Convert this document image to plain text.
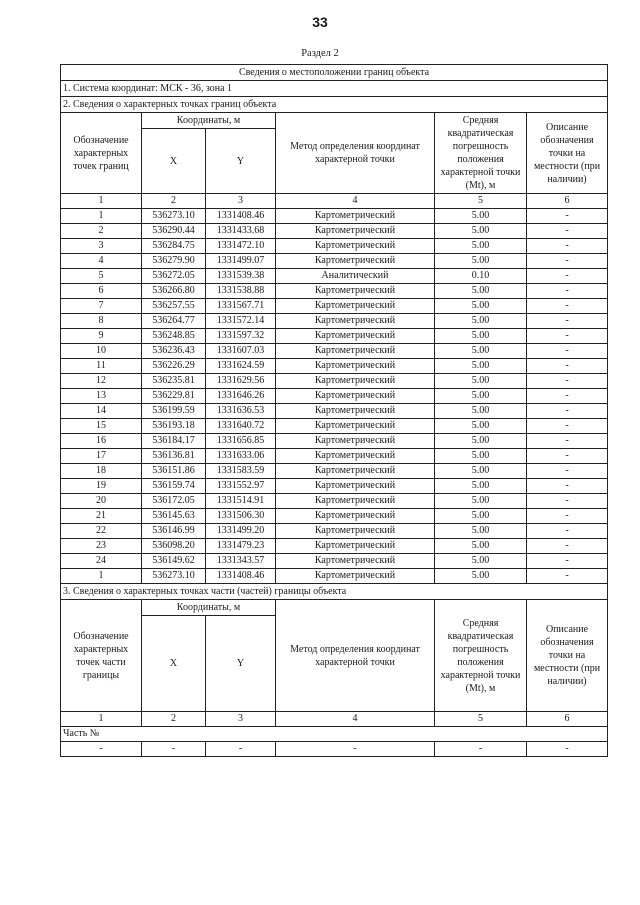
33
Раздел 2
Сведения о местоположении границ объекта					
1. Система координат: МСК - 36, зона 1					
2. Сведения о характерных точках границ объекта					
Обозначение характерных точек границ	Координаты, м		Метод определения координат характерной точки	Средняя квадратическая погрешность положения характерной точки (Mt), м	Описание обозначения точки на местности (при наличии)
	X	Y			
1	2	3	4	5	6
1	536273.10	1331408.46	Картометрический	5.00	-
2	536290.44	1331433.68	Картометрический	5.00	-
3	536284.75	1331472.10	Картометрический	5.00	-
4	536279.90	1331499.07	Картометрический	5.00	-
5	536272.05	1331539.38	Аналитический	0.10	-
6	536266.80	1331538.88	Картометрический	5.00	-
7	536257.55	1331567.71	Картометрический	5.00	-
8	536264.77	1331572.14	Картометрический	5.00	-
9	536248.85	1331597.32	Картометрический	5.00	-
10	536236.43	1331607.03	Картометрический	5.00	-
11	536226.29	1331624.59	Картометрический	5.00	-
12	536235.81	1331629.56	Картометрический	5.00	-
13	536229.81	1331646.26	Картометрический	5.00	-
14	536199.59	1331636.53	Картометрический	5.00	-
15	536193.18	1331640.72	Картометрический	5.00	-
16	536184.17	1331656.85	Картометрический	5.00	-
17	536136.81	1331633.06	Картометрический	5.00	-
18	536151.86	1331583.59	Картометрический	5.00	-
19	536159.74	1331552.97	Картометрический	5.00	-
20	536172.05	1331514.91	Картометрический	5.00	-
21	536145.63	1331506.30	Картометрический	5.00	-
22	536146.99	1331499.20	Картометрический	5.00	-
23	536098.20	1331479.23	Картометрический	5.00	-
24	536149.62	1331343.57	Картометрический	5.00	-
1	536273.10	1331408.46	Картометрический	5.00	-
3. Сведения о характерных точках части (частей) границы объекта					
Обозначение характерных точек части границы	Координаты, м		Метод определения координат характерной точки	Средняя квадратическая погрешность положения характерной точки (Mt), м	Описание обозначения точки на местности (при наличии)
	X	Y			
1	2	3	4	5	6
Часть №					
-	-	-	-	-	-
